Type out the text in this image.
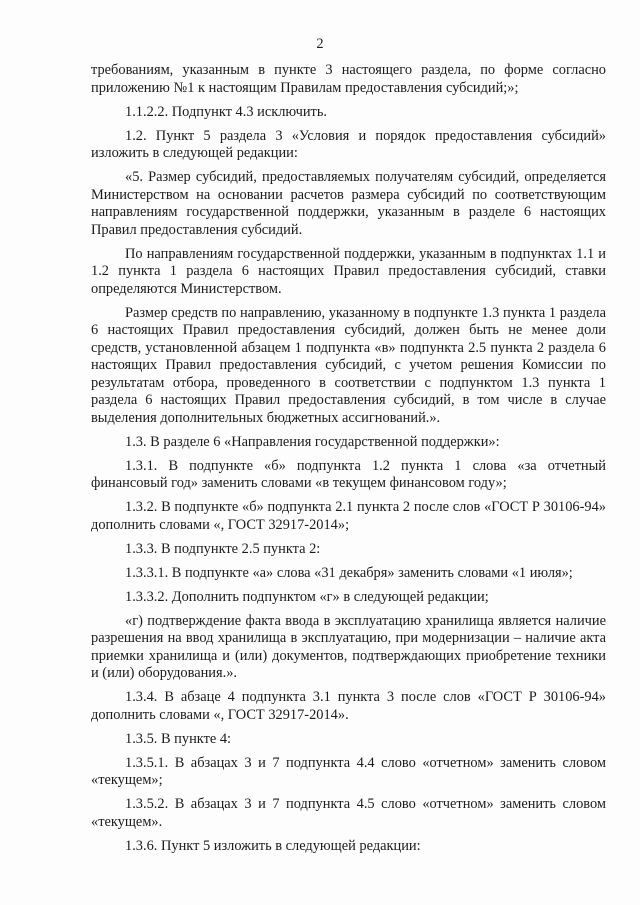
2

требованиям, указанным в пункте 3 настоящего раздела, по форме согласно приложению №1 к настоящим Правилам предоставления субсидий;»;

1.1.2.2. Подпункт 4.3 исключить.

1.2. Пункт 5 раздела 3 «Условия и порядок предоставления субсидий» изложить в следующей редакции:

«5. Размер субсидий, предоставляемых получателям субсидий, определяется Министерством на основании расчетов размера субсидий по соответствующим направлениям государственной поддержки, указанным в разделе 6 настоящих Правил предоставления субсидий.

По направлениям государственной поддержки, указанным в подпунктах 1.1 и 1.2 пункта 1 раздела 6 настоящих Правил предоставления субсидий, ставки определяются Министерством.

Размер средств по направлению, указанному в подпункте 1.3 пункта 1 раздела 6 настоящих Правил предоставления субсидий, должен быть не менее доли средств, установленной абзацем 1 подпункта «в» подпункта 2.5 пункта 2 раздела 6 настоящих Правил предоставления субсидий, с учетом решения Комиссии по результатам отбора, проведенного в соответствии с подпунктом 1.3 пункта 1 раздела 6 настоящих Правил предоставления субсидий, в том числе в случае выделения дополнительных бюджетных ассигнований.».

1.3. В разделе 6 «Направления государственной поддержки»:

1.3.1. В подпункте «б» подпункта 1.2 пункта 1 слова «за отчетный финансовый год» заменить словами «в текущем финансовом году»;

1.3.2. В подпункте «б» подпункта 2.1 пункта 2 после слов «ГОСТ Р 30106-94» дополнить словами «, ГОСТ 32917-2014»;

1.3.3. В подпункте 2.5 пункта 2:

1.3.3.1. В подпункте «а» слова «31 декабря» заменить словами «1 июля»;

1.3.3.2. Дополнить подпунктом «г» в следующей редакции;

«г) подтверждение факта ввода в эксплуатацию хранилища является наличие разрешения на ввод хранилища в эксплуатацию, при модернизации – наличие акта приемки хранилища и (или) документов, подтверждающих приобретение техники и (или) оборудования.».

1.3.4. В абзаце 4 подпункта 3.1 пункта 3 после слов «ГОСТ Р 30106-94» дополнить словами «, ГОСТ 32917-2014».

1.3.5. В пункте 4:

1.3.5.1. В абзацах 3 и 7 подпункта 4.4 слово «отчетном» заменить словом «текущем»;

1.3.5.2. В абзацах 3 и 7 подпункта 4.5 слово «отчетном» заменить словом «текущем».

1.3.6. Пункт 5 изложить в следующей редакции:
